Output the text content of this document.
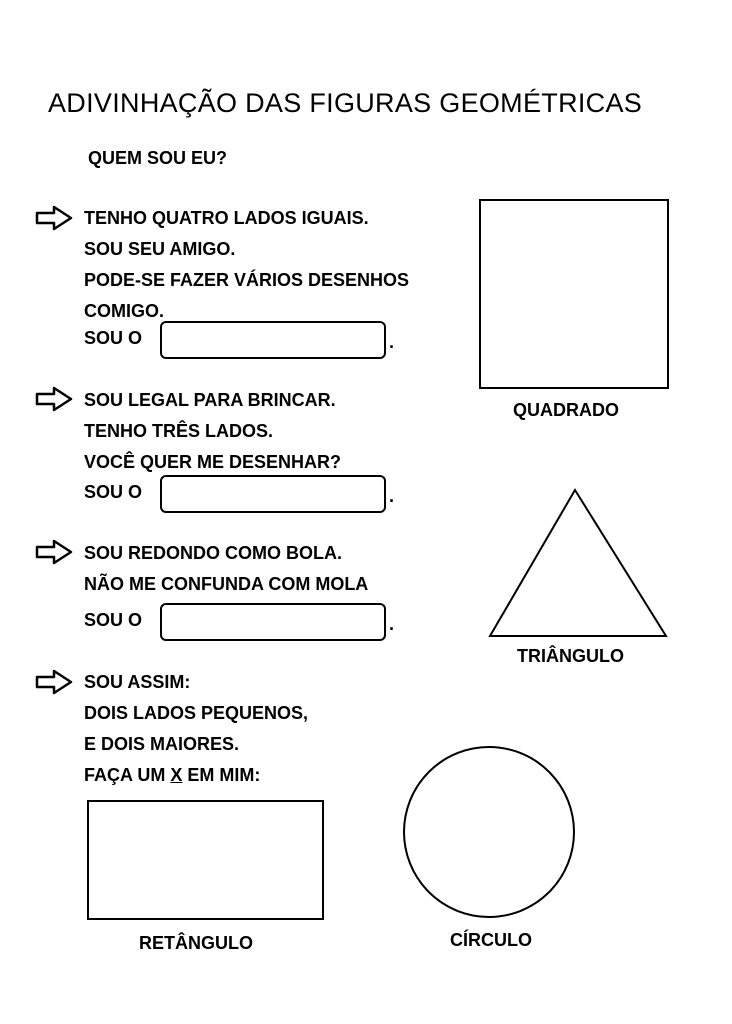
ADIVINHAÇÃO DAS FIGURAS GEOMÉTRICAS
QUEM SOU EU?
TENHO QUATRO LADOS IGUAIS.
SOU SEU AMIGO.
PODE-SE FAZER VÁRIOS DESENHOS
COMIGO.
SOU O	.
QUADRADO
SOU LEGAL PARA BRINCAR.
TENHO TRÊS LADOS.
VOCÊ QUER ME DESENHAR?
SOU O	.
TRIÂNGULO
SOU REDONDO COMO BOLA.
NÃO ME CONFUNDA COM MOLA
SOU O	.
SOU ASSIM:
DOIS LADOS PEQUENOS,
E DOIS MAIORES.
FAÇA UM X EM MIM:
RETÂNGULO	CÍRCULO
